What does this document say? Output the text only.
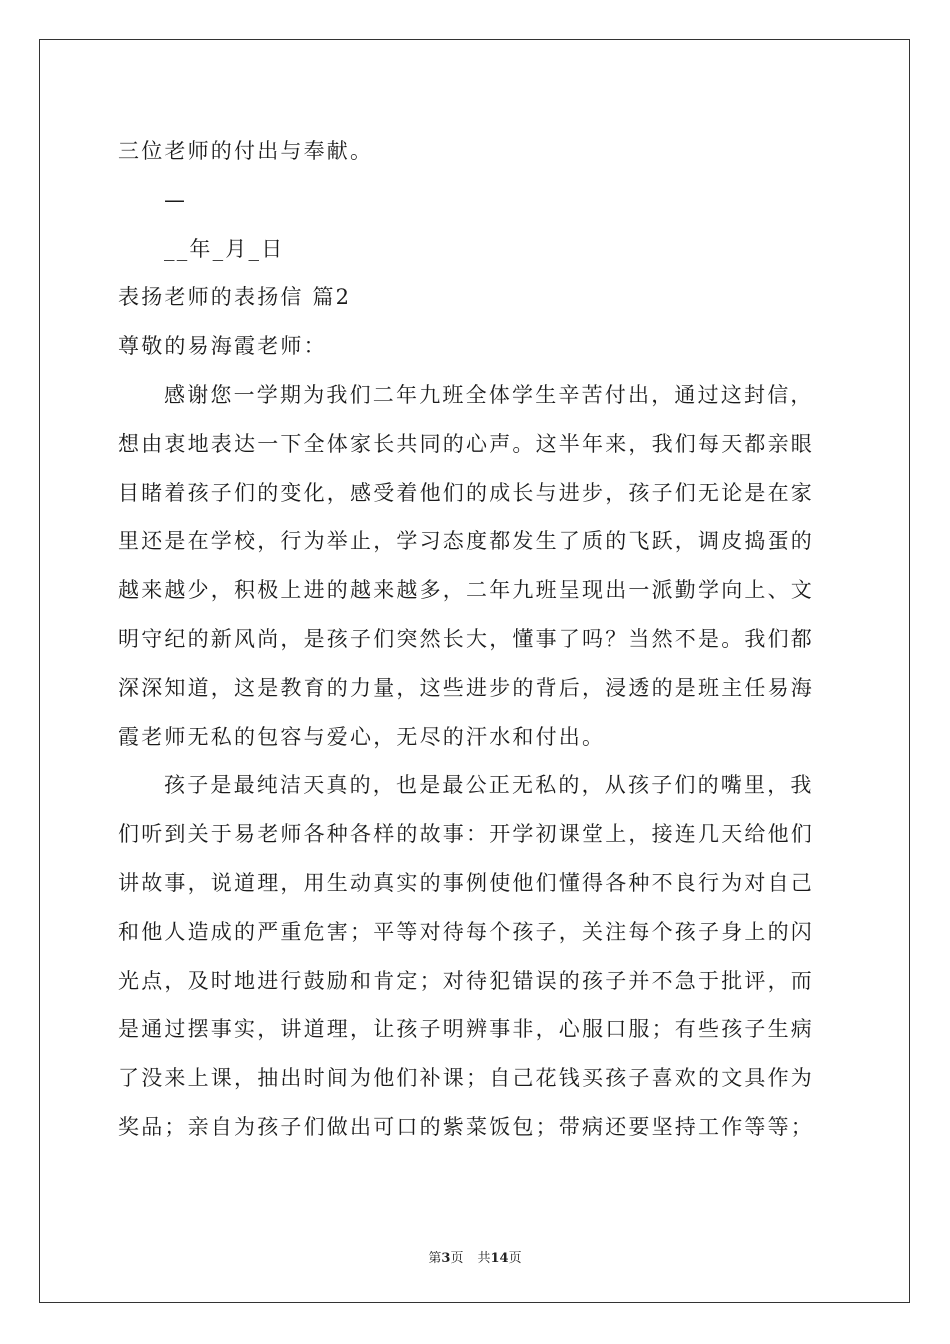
三位老师的付出与奉献。
—
__年_月_日
表扬老师的表扬信 篇2
尊敬的易海霞老师：
感谢您一学期为我们二年九班全体学生辛苦付出，通过这封信，
想由衷地表达一下全体家长共同的心声。这半年来，我们每天都亲眼
目睹着孩子们的变化，感受着他们的成长与进步，孩子们无论是在家
里还是在学校，行为举止，学习态度都发生了质的飞跃，调皮捣蛋的
越来越少，积极上进的越来越多，二年九班呈现出一派勤学向上、文
明守纪的新风尚，是孩子们突然长大，懂事了吗？当然不是。我们都
深深知道，这是教育的力量，这些进步的背后，浸透的是班主任易海
霞老师无私的包容与爱心，无尽的汗水和付出。
孩子是最纯洁天真的，也是最公正无私的，从孩子们的嘴里，我
们听到关于易老师各种各样的故事：开学初课堂上，接连几天给他们
讲故事，说道理，用生动真实的事例使他们懂得各种不良行为对自己
和他人造成的严重危害；平等对待每个孩子，关注每个孩子身上的闪
光点，及时地进行鼓励和肯定；对待犯错误的孩子并不急于批评，而
是通过摆事实，讲道理，让孩子明辨事非，心服口服；有些孩子生病
了没来上课，抽出时间为他们补课；自己花钱买孩子喜欢的文具作为
奖品；亲自为孩子们做出可口的紫菜饭包；带病还要坚持工作等等；
第3页 共14页
